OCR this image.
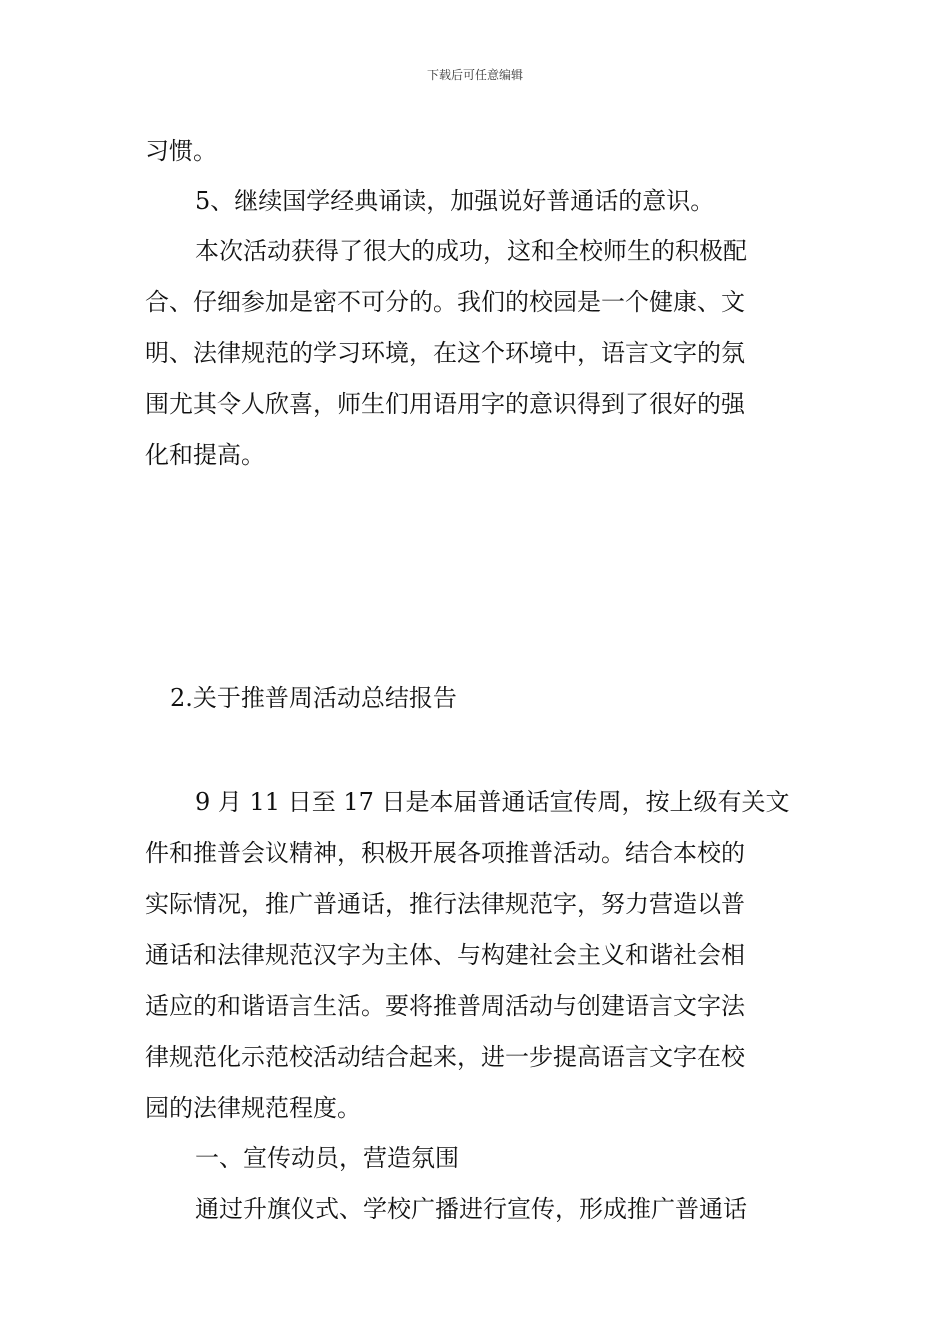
下载后可任意编辑
习惯。
5、继续国学经典诵读，加强说好普通话的意识。
本次活动获得了很大的成功，这和全校师生的积极配
合、仔细参加是密不可分的。我们的校园是一个健康、文
明、法律规范的学习环境，在这个环境中，语言文字的氛
围尤其令人欣喜，师生们用语用字的意识得到了很好的强
化和提高。
2.关于推普周活动总结报告
9 月 11 日至 17 日是本届普通话宣传周，按上级有关文
件和推普会议精神，积极开展各项推普活动。结合本校的
实际情况，推广普通话，推行法律规范字，努力营造以普
通话和法律规范汉字为主体、与构建社会主义和谐社会相
适应的和谐语言生活。要将推普周活动与创建语言文字法
律规范化示范校活动结合起来，进一步提高语言文字在校
园的法律规范程度。
一、宣传动员，营造氛围
通过升旗仪式、学校广播进行宣传，形成推广普通话
